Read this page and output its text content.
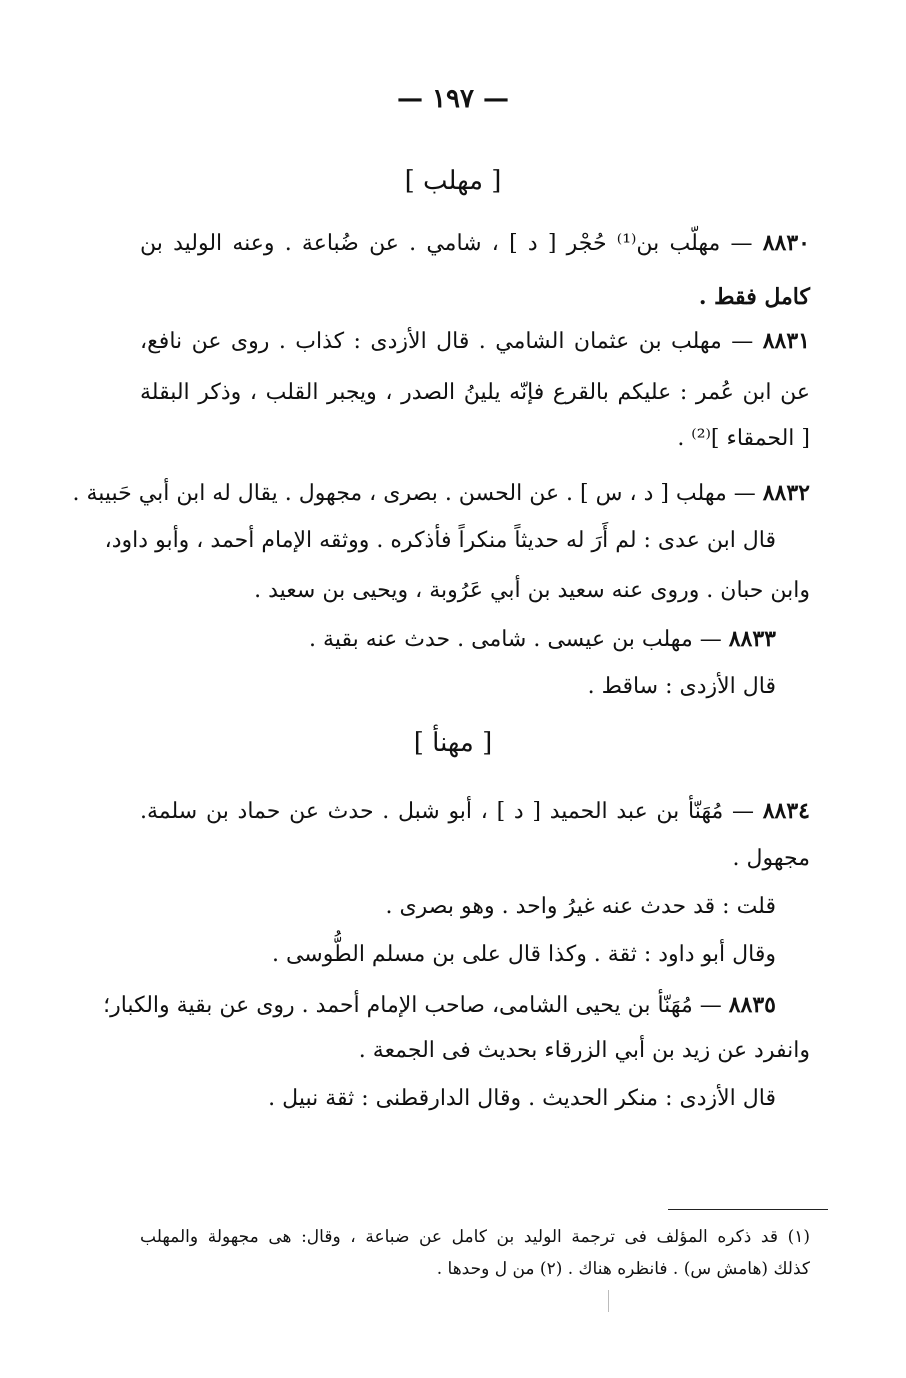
— ١٩٧ —
[ مهلب ]
٨٨٣٠ — مهلّب بن⁽¹⁾ حُجْر [ د ] ، شامي . عن ضُباعة . وعنه الوليد بن
كامل فقط .
٨٨٣١ — مهلب بن عثمان الشامي . قال الأزدى : كذاب . روى عن نافع،
عن ابن عُمر : عليكم بالقرع فإنّه يلينُ الصدر ، ويجبر القلب ، وذكر البقلة
[ الحمقاء ]⁽²⁾ .
٨٨٣٢ — مهلب [ د ، س ] . عن الحسن . بصرى ، مجهول . يقال له ابن أبي حَبيبة .
قال ابن عدى : لم أَرَ له حديثاً منكراً فأذكره . ووثقه الإمام أحمد ، وأبو داود،
وابن حبان . وروى عنه سعيد بن أبي عَرُوبة ، ويحيى بن سعيد .
٨٨٣٣ — مهلب بن عيسى . شامى . حدث عنه بقية .
قال الأزدى : ساقط .
[ مهنأ ]
٨٨٣٤ — مُهَنّأ بن عبد الحميد [ د ] ، أبو شبل . حدث عن حماد بن سلمة.
مجهول .
قلت : قد حدث عنه غيرُ واحد . وهو بصرى .
وقال أبو داود : ثقة . وكذا قال على بن مسلم الطُّوسى .
٨٨٣٥ — مُهَنّأ بن يحيى الشامى، صاحب الإمام أحمد . روى عن بقية والكبار؛
وانفرد عن زيد بن أبي الزرقاء بحديث فى الجمعة .
قال الأزدى : منكر الحديث . وقال الدارقطنى : ثقة نبيل .
(١) قد ذكره المؤلف فى ترجمة الوليد بن كامل عن ضباعة ، وقال: هى مجهولة والمهلب
كذلك (هامش س) . فانظره هناك . (٢) من ل وحدها .
